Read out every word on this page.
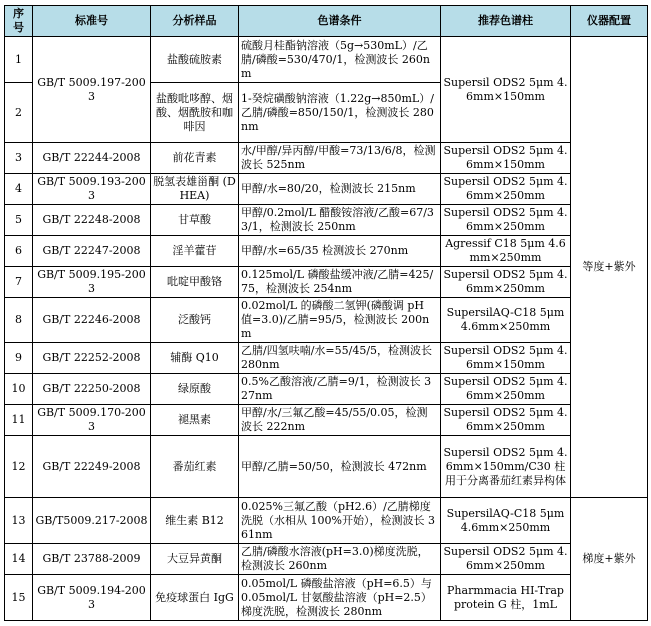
序
号	标准号	分析样品	色谱条件	推荐色谱柱	仪器配置
1	GB/T 5009.197-2003	盐酸硫胺素	硫酸月桂酯钠溶液（5g→530mL）/乙腈/磷酸=530/470/1，检测波长 260nm	Supersil ODS2 5μm 4.6mm×150mm	等度+紫外
2		盐酸吡哆醇、烟酸、烟酰胺和咖啡因	1-癸烷磺酸钠溶液（1.22g→850mL）/乙腈/磷酸=850/150/1，检测波长 280nm		
3	GB/T 22244-2008	前花青素	水/甲醇/异丙醇/甲酸=73/13/6/8，检测波长 525nm	Supersil ODS2 5μm 4.6mm×150mm	
4	GB/T 5009.193-2003	脱氢表雄甾酮 (DHEA)	甲醇/水=80/20，检测波长 215nm	Supersil ODS2 5μm 4.6mm×250mm	
5	GB/T 22248-2008	甘草酸	甲醇/0.2mol/L 醋酸铵溶液/乙酸=67/33/1，检测波长 250nm	Supersil ODS2 5μm 4.6mm×250mm	
6	GB/T 22247-2008	淫羊藿苷	甲醇/水=65/35 检测波长 270nm	Agressif C18 5μm 4.6mm×250mm	
7	GB/T 5009.195-2003	吡啶甲酸铬	0.125mol/L 磷酸盐缓冲液/乙腈=425/75，检测波长 254nm	Supersil ODS2 5μm 4.6mm×250mm	
8	GB/T 22246-2008	泛酸钙	0.02mol/L 的磷酸二氢钾(磷酸调 pH 值=3.0)/乙腈=95/5，检测波长 200nm	SupersilAQ-C18 5μm 4.6mm×250mm	
9	GB/T 22252-2008	辅酶 Q10	乙腈/四氢呋喃/水=55/45/5，检测波长 280nm	Supersil ODS2 5μm 4.6mm×150mm	
10	GB/T 22250-2008	绿原酸	0.5%乙酸溶液/乙腈=9/1，检测波长 327nm	Supersil ODS2 5μm 4.6mm×250mm	
11	GB/T 5009.170-2003	褪黑素	甲醇/水/三氟乙酸=45/55/0.05，检测波长 222nm	Supersil ODS2 5μm 4.6mm×250mm	
12	GB/T 22249-2008	番茄红素	甲醇/乙腈=50/50，检测波长 472nm	Supersil ODS2 5μm 4.6mm×150mm/C30 柱用于分离番茄红素异构体	
13	GB/T5009.217-2008	维生素 B12	0.025%三氟乙酸（pH2.6）/乙腈梯度洗脱（水相从 100%开始），检测波长 361nm	SupersilAQ-C18 5μm 4.6mm×250mm	梯度+紫外
14	GB/T 23788-2009	大豆异黄酮	乙腈/磷酸水溶液(pH=3.0)梯度洗脱，检测波长 260nm	Supersil ODS2 5μm 4.6mm×250mm	
15	GB/T 5009.194-2003	免疫球蛋白 IgG	0.05mol/L 磷酸盐溶液（pH=6.5）与0.05mol/L 甘氨酸盐溶液（pH=2.5）梯度洗脱，检测波长 280nm	Pharmmacia HI-Trap protein G 柱，1mL	
